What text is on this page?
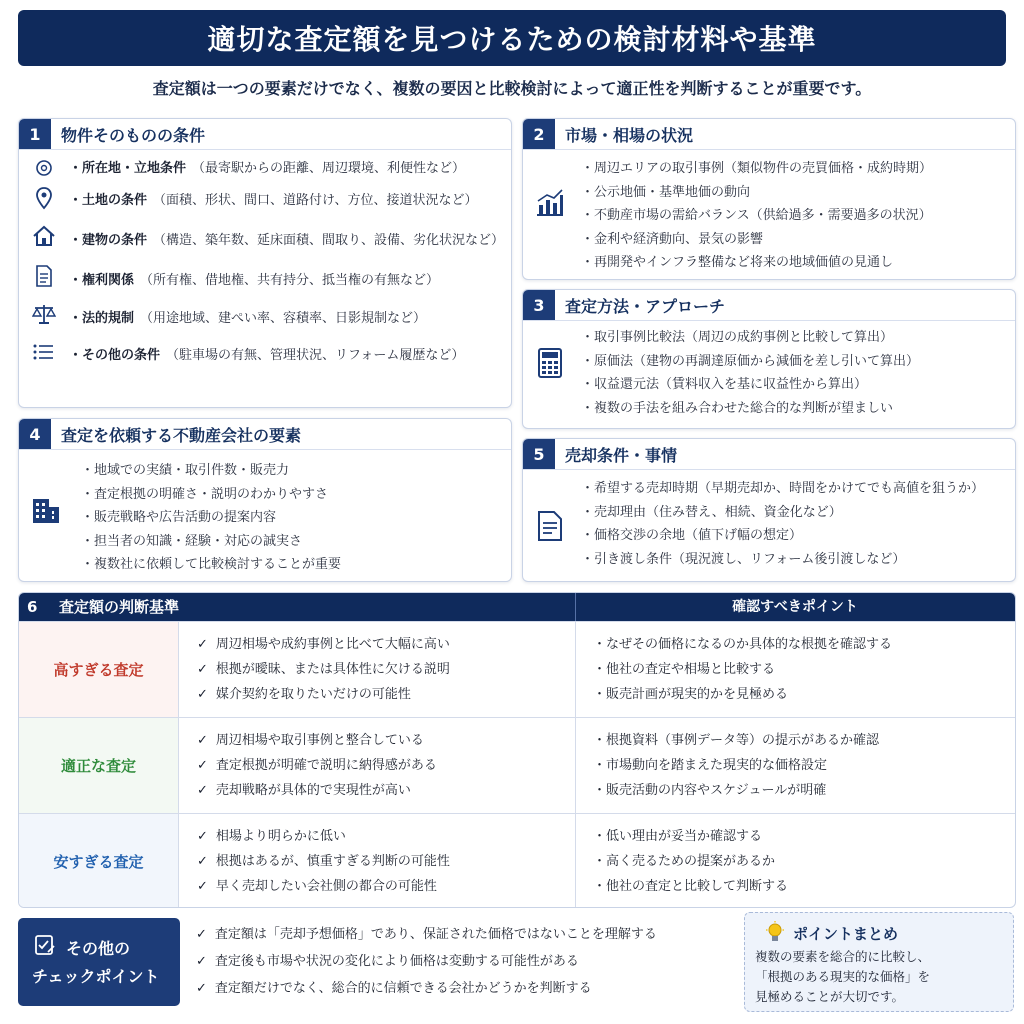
適切な査定額を見つけるための検討材料や基準
査定額は一つの要素だけでなく、複数の要因と比較検討によって適正性を判断することが重要です。
1	物件そのものの条件
・所在地・立地条件 （最寄駅からの距離、周辺環境、利便性など）
・土地の条件 （面積、形状、間口、道路付け、方位、接道状況など）
・建物の条件 （構造、築年数、延床面積、間取り、設備、劣化状況など）
・権利関係 （所有権、借地権、共有持分、抵当権の有無など）
・法的規制 （用途地域、建ぺい率、容積率、日影規制など）
・その他の条件 （駐車場の有無、管理状況、リフォーム履歴など）
2	市場・相場の状況
・周辺エリアの取引事例（類似物件の売買価格・成約時期）
・公示地価・基準地価の動向
・不動産市場の需給バランス（供給過多・需要過多の状況）
・金利や経済動向、景気の影響
・再開発やインフラ整備など将来の地域価値の見通し
3	査定方法・アプローチ
・取引事例比較法（周辺の成約事例と比較して算出）
・原価法（建物の再調達原価から減価を差し引いて算出）
・収益還元法（賃料収入を基に収益性から算出）
・複数の手法を組み合わせた総合的な判断が望ましい
4	査定を依頼する不動産会社の要素
・地域での実績・取引件数・販売力
・査定根拠の明確さ・説明のわかりやすさ
・販売戦略や広告活動の提案内容
・担当者の知識・経験・対応の誠実さ
・複数社に依頼して比較検討することが重要
5	売却条件・事情
・希望する売却時期（早期売却か、時間をかけてでも高値を狙うか）
・売却理由（住み替え、相続、資金化など）
・価格交渉の余地（値下げ幅の想定）
・引き渡し条件（現況渡し、リフォーム後引渡しなど）
6 査定額の判断基準	確認すべきポイント
高すぎる査定
✓ 周辺相場や成約事例と比べて大幅に高い
✓ 根拠が曖昧、または具体性に欠ける説明
✓ 媒介契約を取りたいだけの可能性
・なぜその価格になるのか具体的な根拠を確認する
・他社の査定や相場と比較する
・販売計画が現実的かを見極める
適正な査定
✓ 周辺相場や取引事例と整合している
✓ 査定根拠が明確で説明に納得感がある
✓ 売却戦略が具体的で実現性が高い
・根拠資料（事例データ等）の提示があるか確認
・市場動向を踏まえた現実的な価格設定
・販売活動の内容やスケジュールが明確
安すぎる査定
✓ 相場より明らかに低い
✓ 根拠はあるが、慎重すぎる判断の可能性
✓ 早く売却したい会社側の都合の可能性
・低い理由が妥当か確認する
・高く売るための提案があるか
・他社の査定と比較して判断する
その他の
チェックポイント
✓ 査定額は「売却予想価格」であり、保証された価格ではないことを理解する
✓ 査定後も市場や状況の変化により価格は変動する可能性がある
✓ 査定額だけでなく、総合的に信頼できる会社かどうかを判断する
ポイントまとめ
複数の要素を総合的に比較し、
「根拠のある現実的な価格」を
見極めることが大切です。
